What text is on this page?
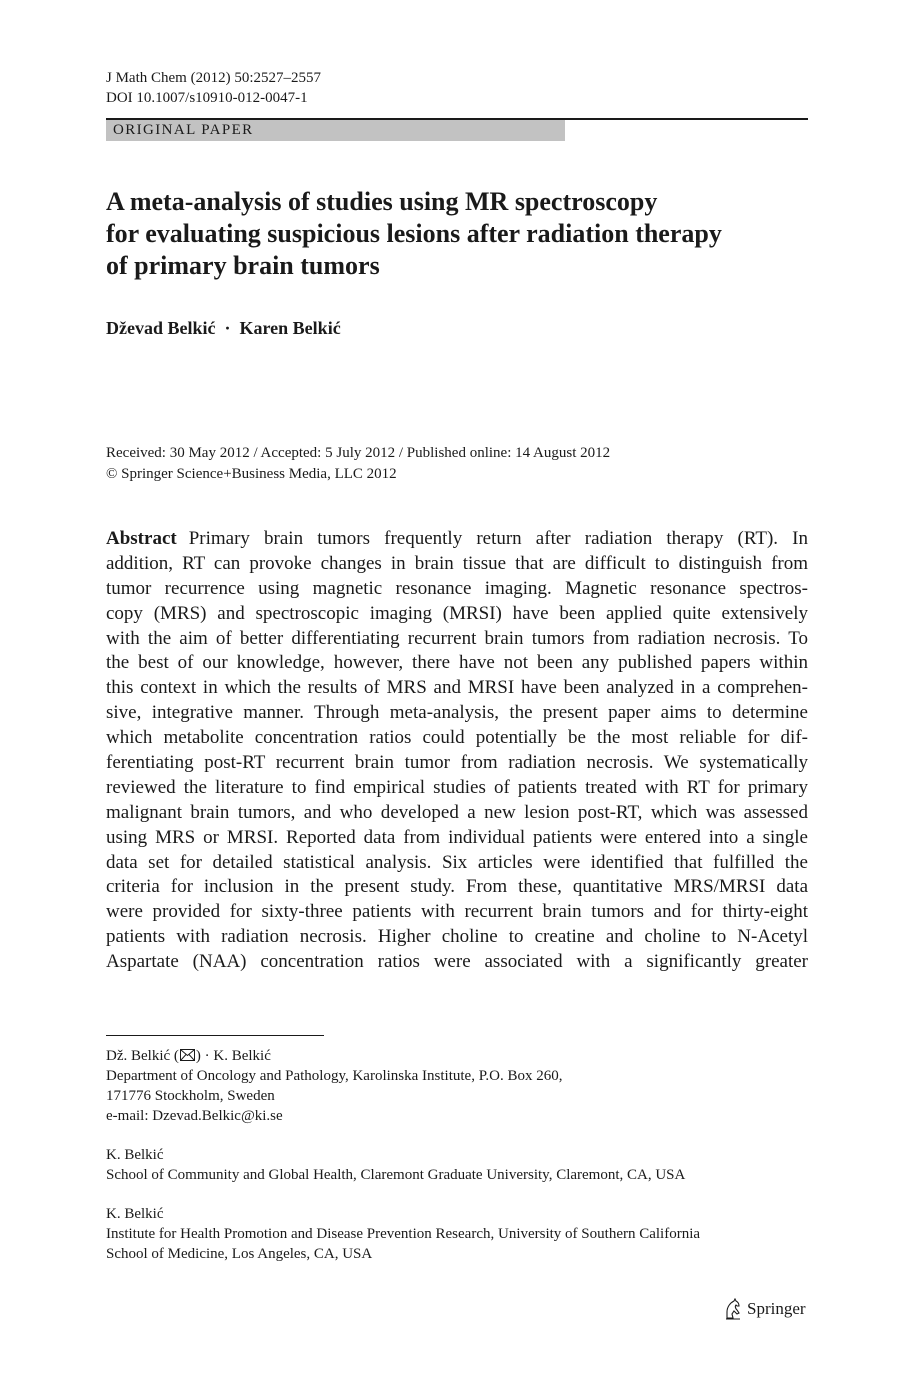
J Math Chem (2012) 50:2527–2557
DOI 10.1007/s10910-012-0047-1
ORIGINAL PAPER
A meta-analysis of studies using MR spectroscopy
for evaluating suspicious lesions after radiation therapy
of primary brain tumors
Dževad Belkić · Karen Belkić
Received: 30 May 2012 / Accepted: 5 July 2012 / Published online: 14 August 2012
© Springer Science+Business Media, LLC 2012
Abstract Primary brain tumors frequently return after radiation therapy (RT). In
addition, RT can provoke changes in brain tissue that are difficult to distinguish from
tumor recurrence using magnetic resonance imaging. Magnetic resonance spectros-
copy (MRS) and spectroscopic imaging (MRSI) have been applied quite extensively
with the aim of better differentiating recurrent brain tumors from radiation necrosis. To
the best of our knowledge, however, there have not been any published papers within
this context in which the results of MRS and MRSI have been analyzed in a comprehen-
sive, integrative manner. Through meta-analysis, the present paper aims to determine
which metabolite concentration ratios could potentially be the most reliable for dif-
ferentiating post-RT recurrent brain tumor from radiation necrosis. We systematically
reviewed the literature to find empirical studies of patients treated with RT for primary
malignant brain tumors, and who developed a new lesion post-RT, which was assessed
using MRS or MRSI. Reported data from individual patients were entered into a single
data set for detailed statistical analysis. Six articles were identified that fulfilled the
criteria for inclusion in the present study. From these, quantitative MRS/MRSI data
were provided for sixty-three patients with recurrent brain tumors and for thirty-eight
patients with radiation necrosis. Higher choline to creatine and choline to N-Acetyl
Aspartate (NAA) concentration ratios were associated with a significantly greater
Dž. Belkić ( ) · K. Belkić
Department of Oncology and Pathology, Karolinska Institute, P.O. Box 260,
171776 Stockholm, Sweden
e-mail: Dzevad.Belkic@ki.se
K. Belkić
School of Community and Global Health, Claremont Graduate University, Claremont, CA, USA
K. Belkić
Institute for Health Promotion and Disease Prevention Research, University of Southern California
School of Medicine, Los Angeles, CA, USA
Springer
